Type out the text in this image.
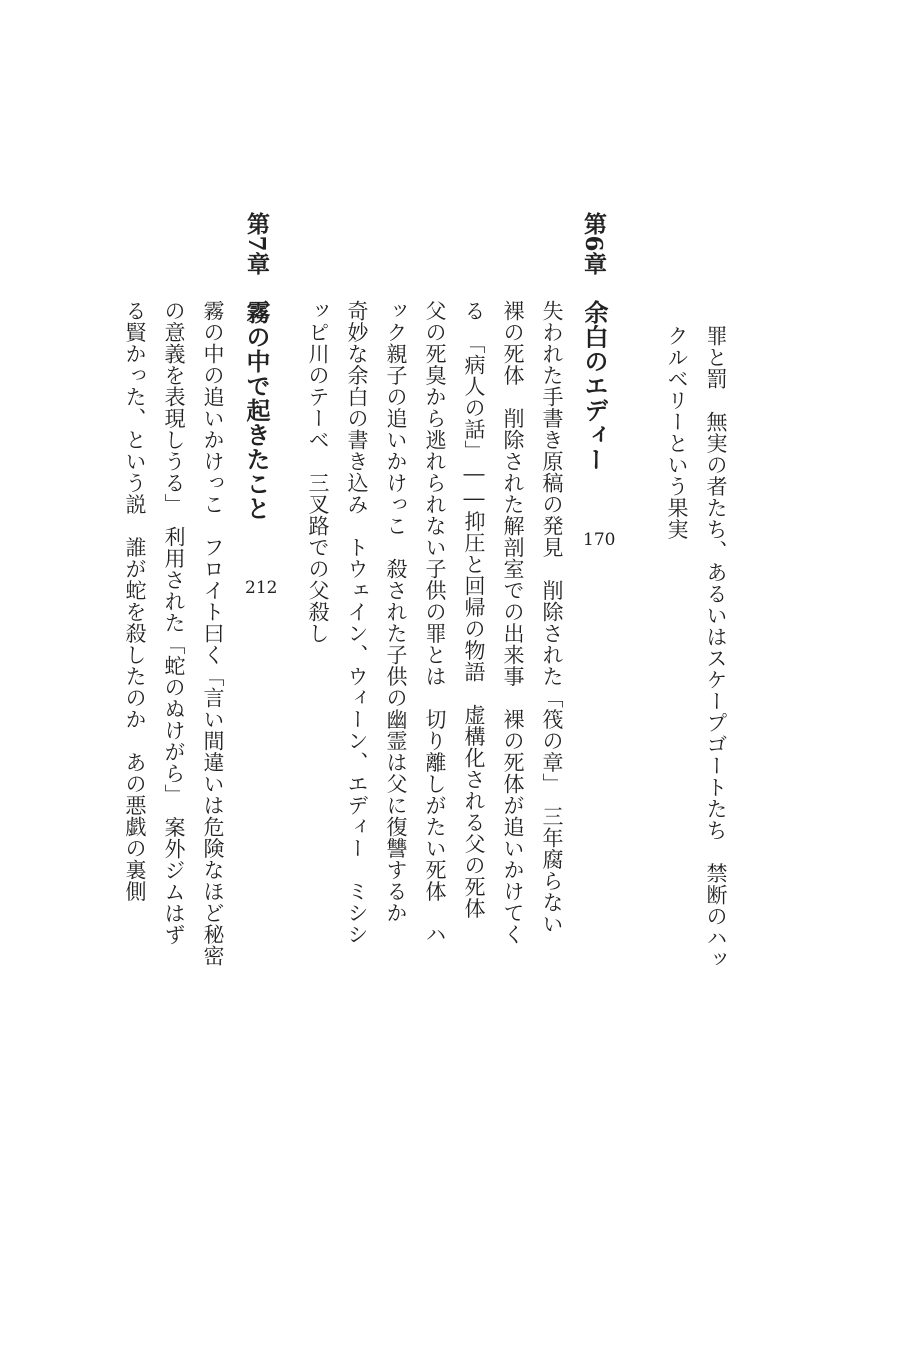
クルベリーという果実 罪と罰　無実の者たち、あるいはスケープゴートたち　禁断のハッ
第6章
余白のエディー
170
失われた手書き原稿の発見　削除された「筏の章」　三年腐らない
裸の死体　削除された解剖室での出来事　裸の死体が追いかけてく
る　「病人の話」――抑圧と回帰の物語　虚構化される父の死体
父の死臭から逃れられない子供の罪とは　切り離しがたい死体　ハ
ック親子の追いかけっこ　殺された子供の幽霊は父に復讐するか
奇妙な余白の書き込み　トウェイン、ウィーン、エディー　ミシシ
ッピ川のテーベ　三叉路での父殺し
第7章
霧の中で起きたこと
212
霧の中の追いかけっこ　フロイト曰く「言い間違いは危険なほど秘密
の意義を表現しうる」　利用された「蛇のぬけがら」　案外ジムはず
る賢かった、という説　誰が蛇を殺したのか　あの悪戯の裏側
